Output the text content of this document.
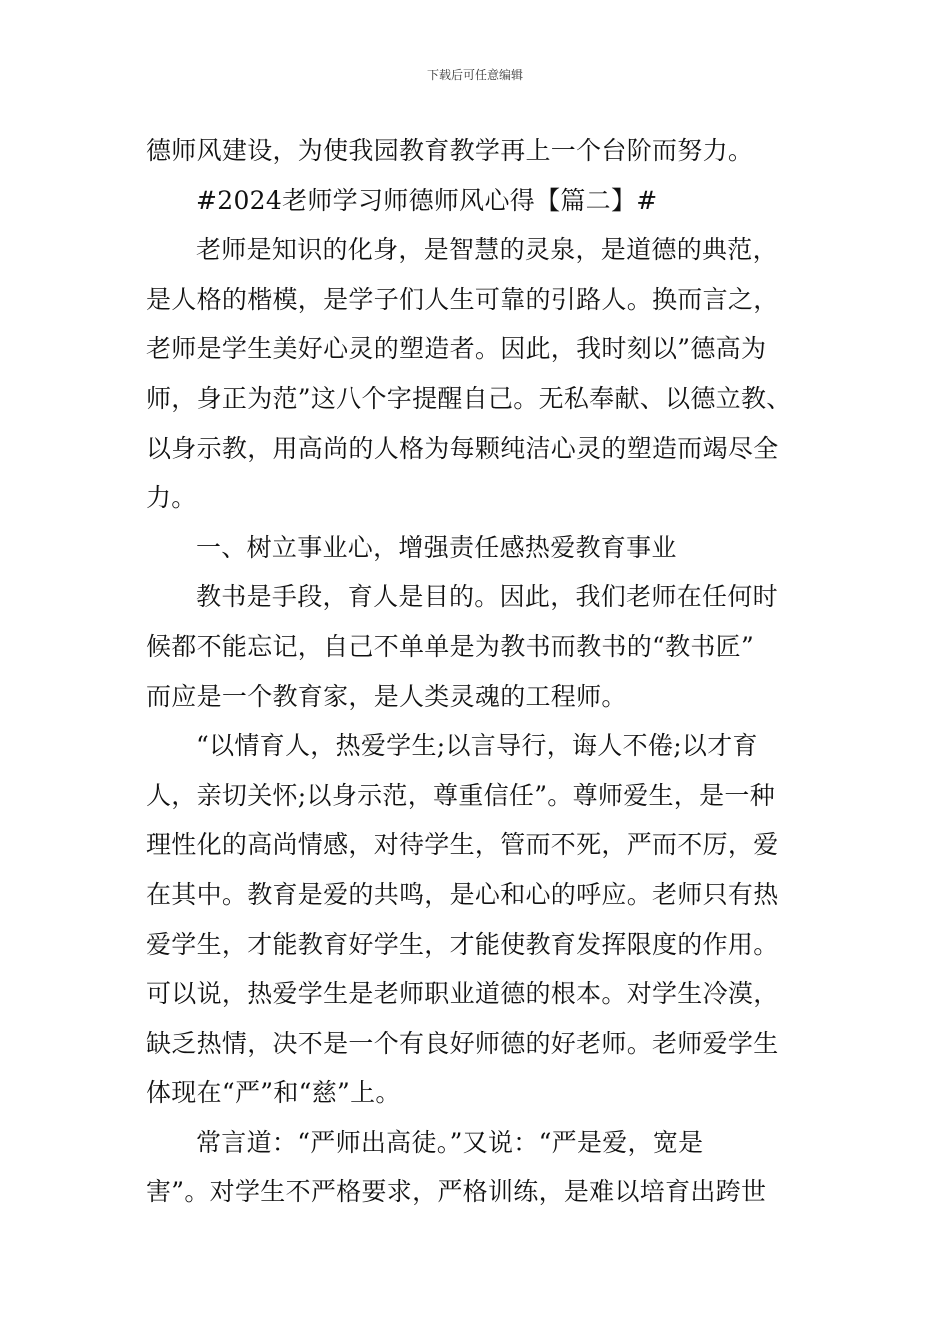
下载后可任意编辑
德师风建设，为使我园教育教学再上一个台阶而努力。
#2024老师学习师德师风心得【篇二】#
老师是知识的化身，是智慧的灵泉，是道德的典范，
是人格的楷模，是学子们人生可靠的引路人。换而言之，
老师是学生美好心灵的塑造者。因此，我时刻以”德高为
师，身正为范”这八个字提醒自己。无私奉献、以德立教、
以身示教，用高尚的人格为每颗纯洁心灵的塑造而竭尽全
力。
一、树立事业心，增强责任感热爱教育事业
教书是手段，育人是目的。因此，我们老师在任何时
候都不能忘记，自己不单单是为教书而教书的“教书匠”
而应是一个教育家，是人类灵魂的工程师。
“以情育人，热爱学生;以言导行，诲人不倦;以才育
人，亲切关怀;以身示范，尊重信任”。尊师爱生，是一种
理性化的高尚情感，对待学生，管而不死，严而不厉，爱
在其中。教育是爱的共鸣，是心和心的呼应。老师只有热
爱学生，才能教育好学生，才能使教育发挥限度的作用。
可以说，热爱学生是老师职业道德的根本。对学生冷漠，
缺乏热情，决不是一个有良好师德的好老师。老师爱学生
体现在“严”和“慈”上。
常言道：“严师出高徒。”又说：“严是爱，宽是
害”。对学生不严格要求，严格训练，是难以培育出跨世
